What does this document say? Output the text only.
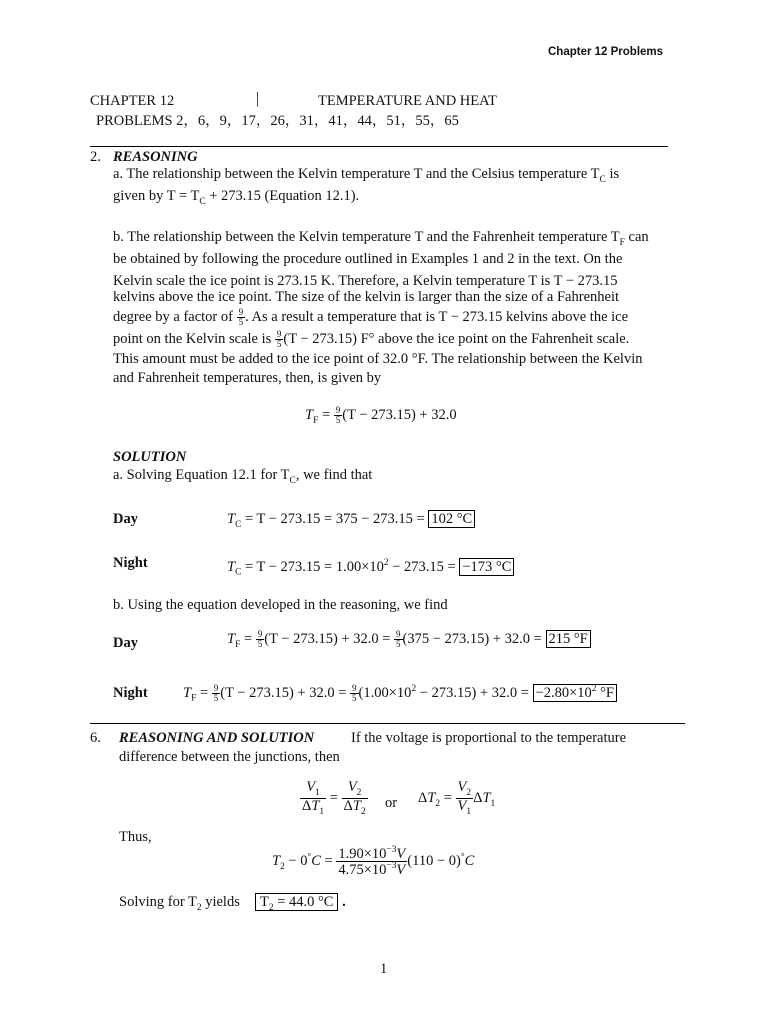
Chapter 12 Problems
CHAPTER 12	|	TEMPERATURE AND HEAT
PROBLEMS 2，6，9，17，26，31，41，44，51，55，65
2. REASONING
a. The relationship between the Kelvin temperature T and the Celsius temperature $T_C$ is
given by $T = T_C + 273.15$ (Equation 12.1).
b. The relationship between the Kelvin temperature T and the Fahrenheit temperature $T_F$ can
be obtained by following the procedure outlined in Examples 1 and 2 in the text. On the
Kelvin scale the ice point is 273.15 K. Therefore, a Kelvin temperature T is T − 273.15
kelvins above the ice point. The size of the kelvin is larger than the size of a Fahrenheit
degree by a factor of $\frac{9}{5}$ . As a result a temperature that is T − 273.15 kelvins above the ice
point on the Kelvin scale is $\frac{9}{5} (T - 273.15)$ F° above the ice point on the Fahrenheit scale.
This amount must be added to the ice point of 32.0 °F. The relationship between the Kelvin
and Fahrenheit temperatures, then, is given by
$T_F = \frac{9}{5} (T - 273.15) + 32.0$
SOLUTION
a. Solving Equation 12.1 for $T_C$, we find that
Day	$T_C = T - 273.15 = 375 - 273.15 = 102$ °C
Night	$T_C = T - 273.15 = 1.00\times 10^2 - 273.15 = -173$ °C
b. Using the equation developed in the reasoning, we find
Day	$T_F = \frac{9}{5} (T - 273.15) + 32.0 = \frac{9}{5} (375 - 273.15) + 32.0 = 215$ °F
Night $T_F = \frac{9}{5} (T - 273.15) + 32.0 = \frac{9}{5} (1.00\times 10^2 - 273.15) + 32.0 = -2.80\times 10^2$ °F
6. REASONING AND SOLUTION	If the voltage is proportional to the temperature
difference between the junctions, then
$\frac{V_1}{\Delta T_1} = \frac{V_2}{\Delta T_2}$ or $\Delta T_2 = \frac{V_2}{V_1} \Delta T_1$
Thus,
$T_2 - 0^\circ C = \frac{1.90\times 10^{-3}V}{4.75\times 10^{-3}V} (110 - 0)^\circ C$
Solving for $T_2$ yields	$T_2 = 44.0$ °C .
1
